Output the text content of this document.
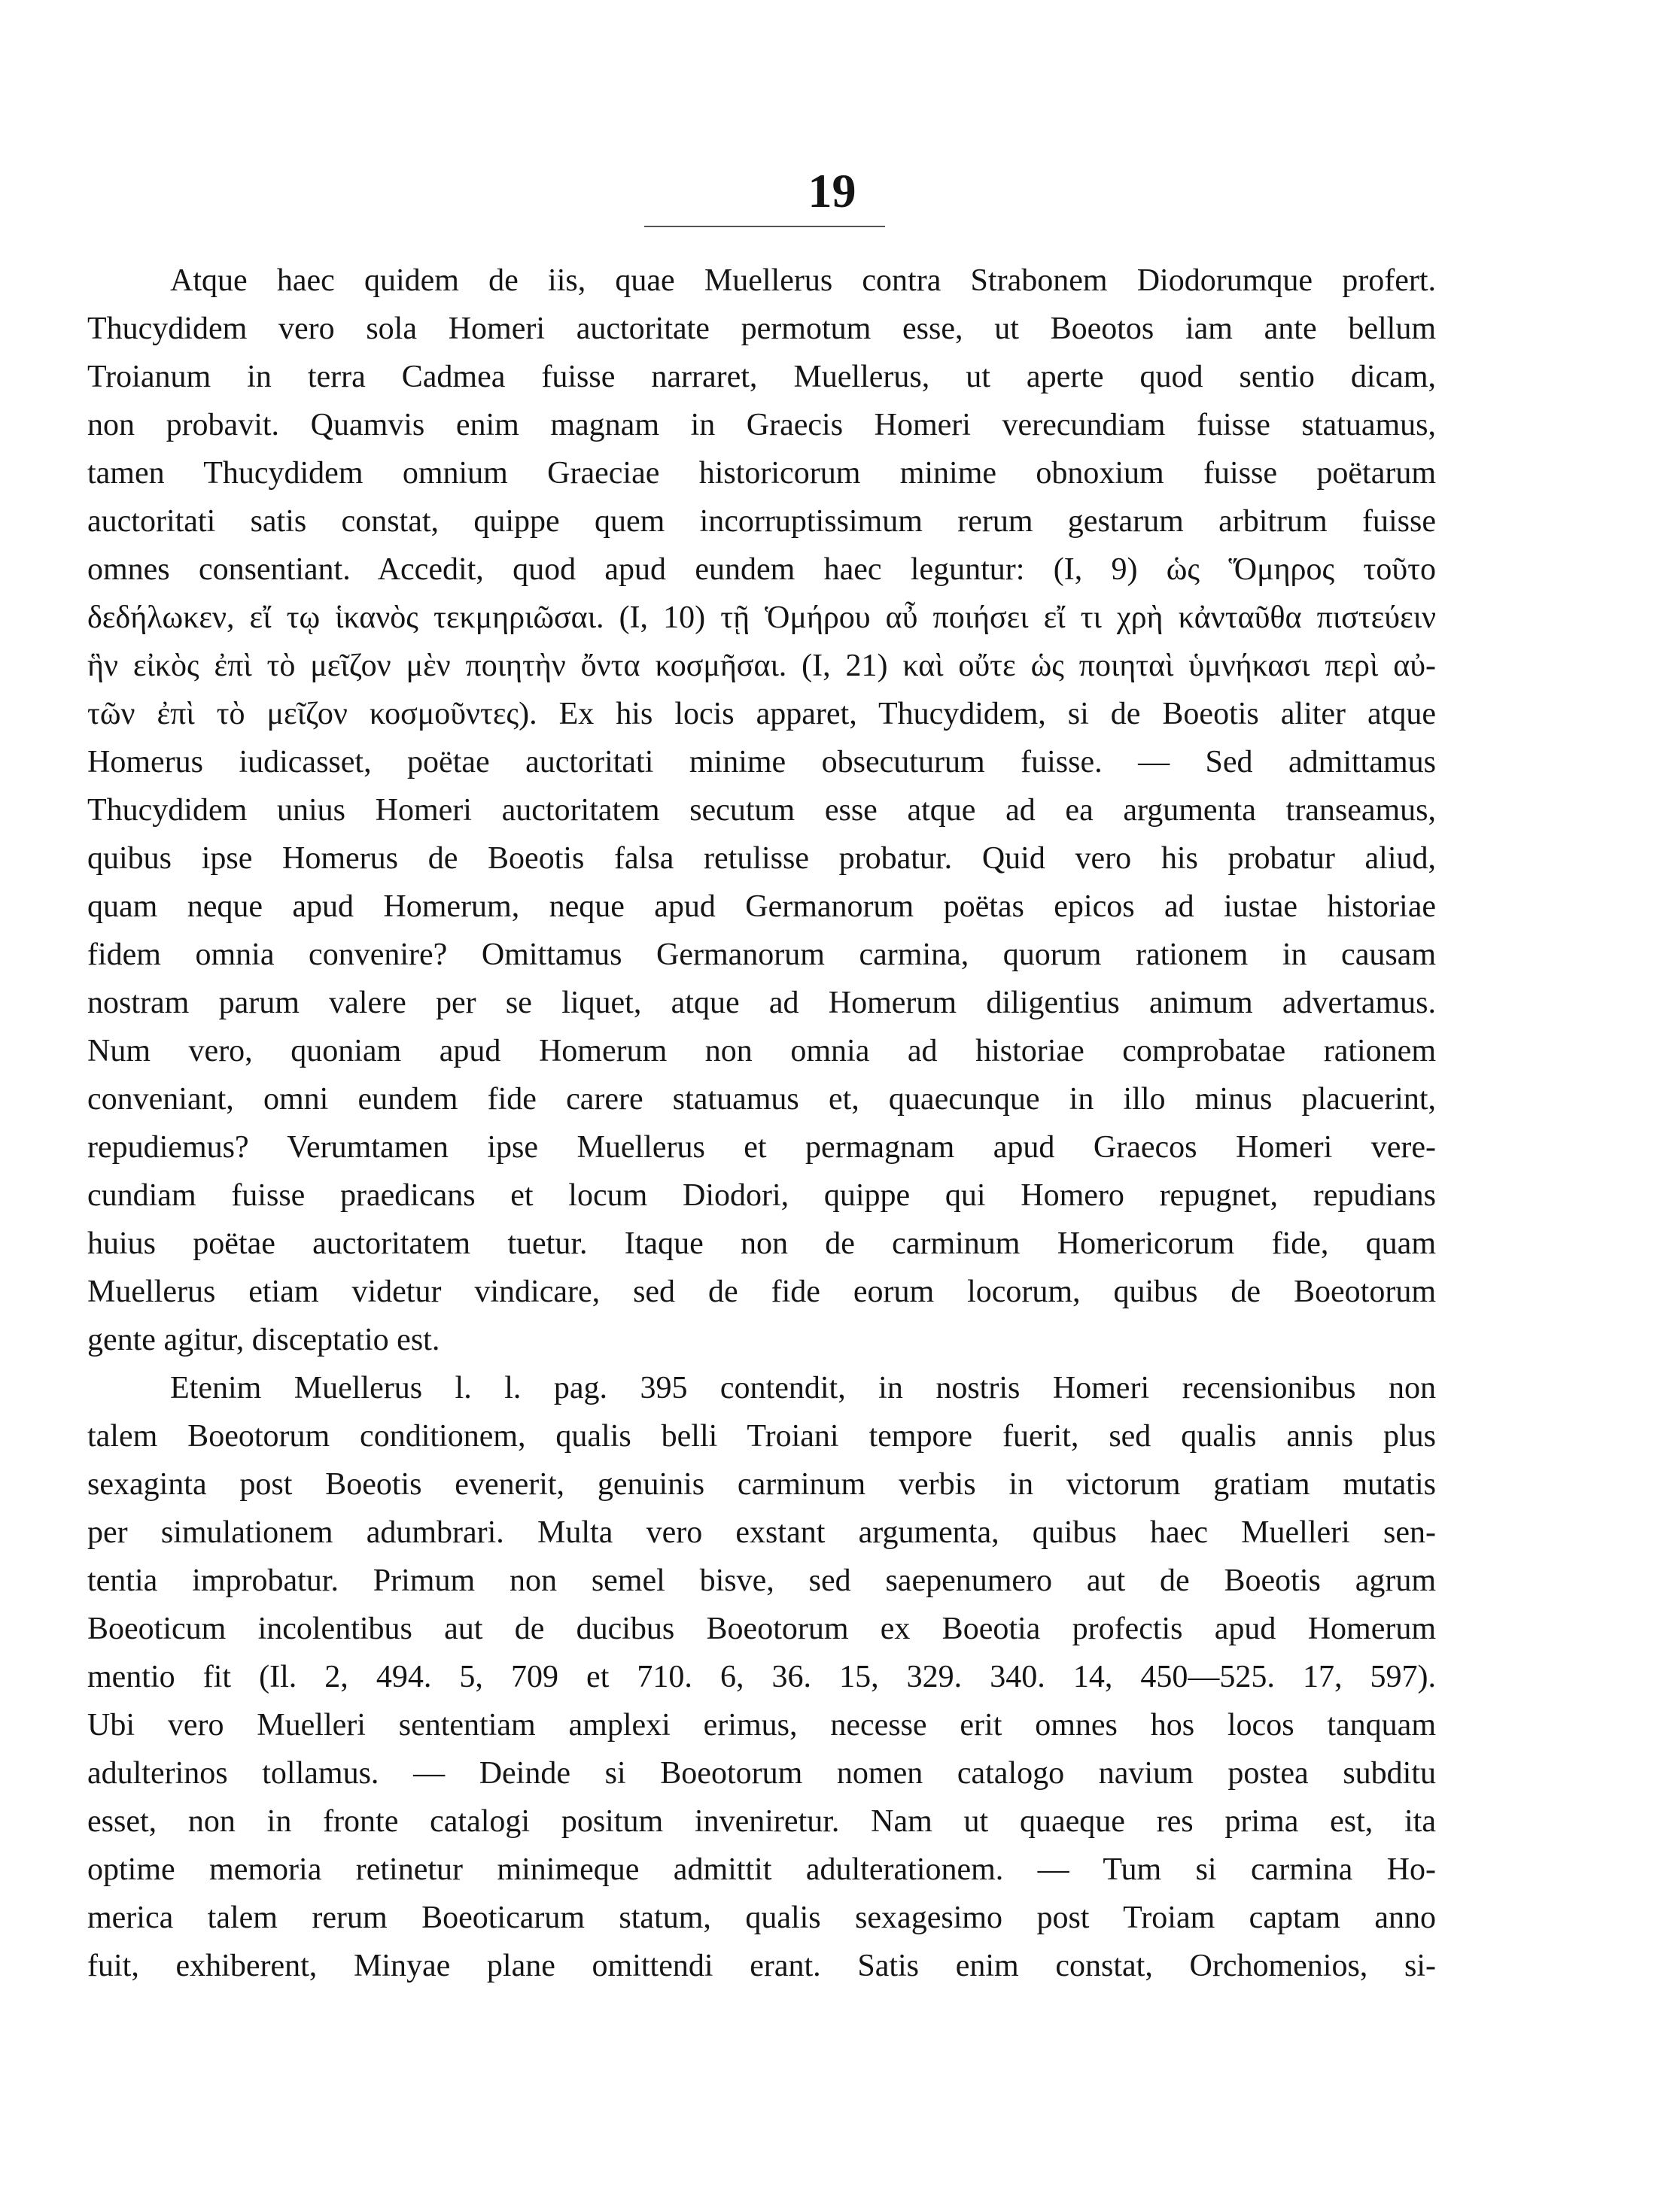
19
Atque haec quidem de iis, quae Muellerus contra Strabonem Diodorumque profert.
Thucydidem vero sola Homeri auctoritate permotum esse, ut Boeotos iam ante bellum
Troianum in terra Cadmea fuisse narraret, Muellerus, ut aperte quod sentio dicam,
non probavit. Quamvis enim magnam in Graecis Homeri verecundiam fuisse statuamus,
tamen Thucydidem omnium Graeciae historicorum minime obnoxium fuisse poëtarum
auctoritati satis constat, quippe quem incorruptissimum rerum gestarum arbitrum fuisse
omnes consentiant. Accedit, quod apud eundem haec leguntur: (I, 9) ὡς Ὅμηρος τοῦτο
δεδήλωκεν, εἴ τῳ ἱκανὸς τεκμηριῶσαι. (I, 10) τῇ Ὁμήρου αὖ ποιήσει εἴ τι χρὴ κἀνταῦθα πιστεύειν
ἣν εἰκὸς ἐπὶ τὸ μεῖζον μὲν ποιητὴν ὄντα κοσμῆσαι. (I, 21) καὶ οὔτε ὡς ποιηταὶ ὑμνήκασι περὶ αὐ-
τῶν ἐπὶ τὸ μεῖζον κοσμοῦντες). Ex his locis apparet, Thucydidem, si de Boeotis aliter atque
Homerus iudicasset, poëtae auctoritati minime obsecuturum fuisse. — Sed admittamus
Thucydidem unius Homeri auctoritatem secutum esse atque ad ea argumenta transeamus,
quibus ipse Homerus de Boeotis falsa retulisse probatur. Quid vero his probatur aliud,
quam neque apud Homerum, neque apud Germanorum poëtas epicos ad iustae historiae
fidem omnia convenire? Omittamus Germanorum carmina, quorum rationem in causam
nostram parum valere per se liquet, atque ad Homerum diligentius animum advertamus.
Num vero, quoniam apud Homerum non omnia ad historiae comprobatae rationem
conveniant, omni eundem fide carere statuamus et, quaecunque in illo minus placuerint,
repudiemus? Verumtamen ipse Muellerus et permagnam apud Graecos Homeri vere-
cundiam fuisse praedicans et locum Diodori, quippe qui Homero repugnet, repudians
huius poëtae auctoritatem tuetur. Itaque non de carminum Homericorum fide, quam
Muellerus etiam videtur vindicare, sed de fide eorum locorum, quibus de Boeotorum
gente agitur, disceptatio est.
Etenim Muellerus l. l. pag. 395 contendit, in nostris Homeri recensionibus non
talem Boeotorum conditionem, qualis belli Troiani tempore fuerit, sed qualis annis plus
sexaginta post Boeotis evenerit, genuinis carminum verbis in victorum gratiam mutatis
per simulationem adumbrari. Multa vero exstant argumenta, quibus haec Muelleri sen-
tentia improbatur. Primum non semel bisve, sed saepenumero aut de Boeotis agrum
Boeoticum incolentibus aut de ducibus Boeotorum ex Boeotia profectis apud Homerum
mentio fit (Il. 2, 494. 5, 709 et 710. 6, 36. 15, 329. 340. 14, 450—525. 17, 597).
Ubi vero Muelleri sententiam amplexi erimus, necesse erit omnes hos locos tanquam
adulterinos tollamus. — Deinde si Boeotorum nomen catalogo navium postea subditu
esset, non in fronte catalogi positum inveniretur. Nam ut quaeque res prima est, ita
optime memoria retinetur minimeque admittit adulterationem. — Tum si carmina Ho-
merica talem rerum Boeoticarum statum, qualis sexagesimo post Troiam captam anno
fuit, exhiberent, Minyae plane omittendi erant. Satis enim constat, Orchomenios, si-
